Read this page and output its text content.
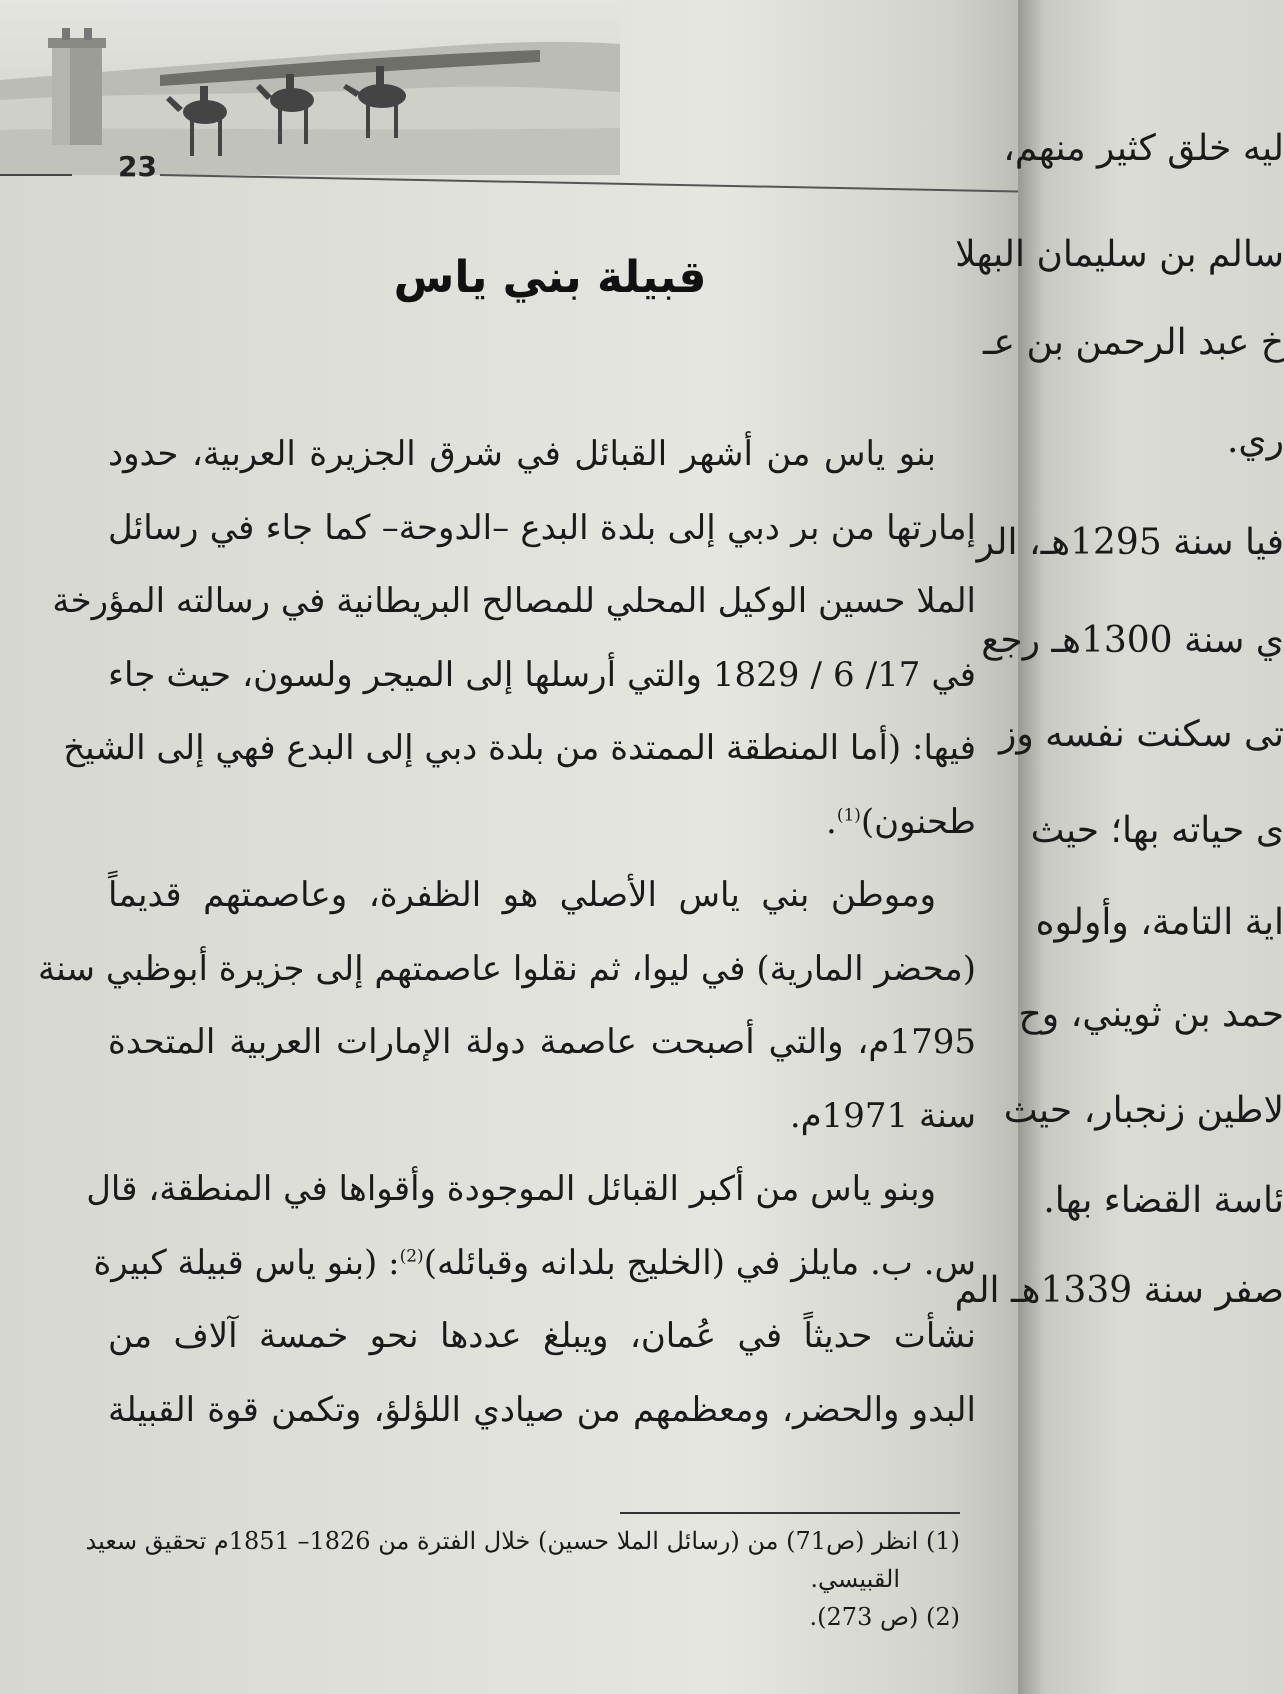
23
قبيلة بني ياس
بنو ياس من أشهر القبائل في شرق الجزيرة العربية، حدود
إمارتها من بر دبي إلى بلدة البدع –الدوحة– كما جاء في رسائل
الملا حسين الوكيل المحلي للمصالح البريطانية في رسالته المؤرخة
في 17/ 6 / 1829 والتي أرسلها إلى الميجر ولسون، حيث جاء
فيها: (أما المنطقة الممتدة من بلدة دبي إلى البدع فهي إلى الشيخ
طحنون)$^{(1)}$.
وموطن بني ياس الأصلي هو الظفرة، وعاصمتهم قديماً
(محضر المارية) في ليوا، ثم نقلوا عاصمتهم إلى جزيرة أبوظبي سنة
1795م، والتي أصبحت عاصمة دولة الإمارات العربية المتحدة
سنة 1971م.
وبنو ياس من أكبر القبائل الموجودة وأقواها في المنطقة، قال
س. ب. مايلز في (الخليج بلدانه وقبائله)$^{(2)}$: (بنو ياس قبيلة كبيرة
نشأت حديثاً في عُمان، ويبلغ عددها نحو خمسة آلاف من
البدو والحضر، ومعظمهم من صيادي اللؤلؤ، وتكمن قوة القبيلة
(1) انظر (ص71) من (رسائل الملا حسين) خلال الفترة من 1826– 1851م تحقيق سعيد
القبيسي.
(2) (ص 273).
ليه خلق كثير منهم،
سالم بن سليمان البهلا
خ عبد الرحمن بن عـ
ري.
فيا سنة 1295هـ، الر
ي سنة 1300هـ رجع
تى سكنت نفسه وز
ى حياته بها؛ حيث
اية التامة، وأولوه
حمد بن ثويني، وح
لاطين زنجبار، حيث
ئاسة القضاء بها.
صفر سنة 1339هـ الم
